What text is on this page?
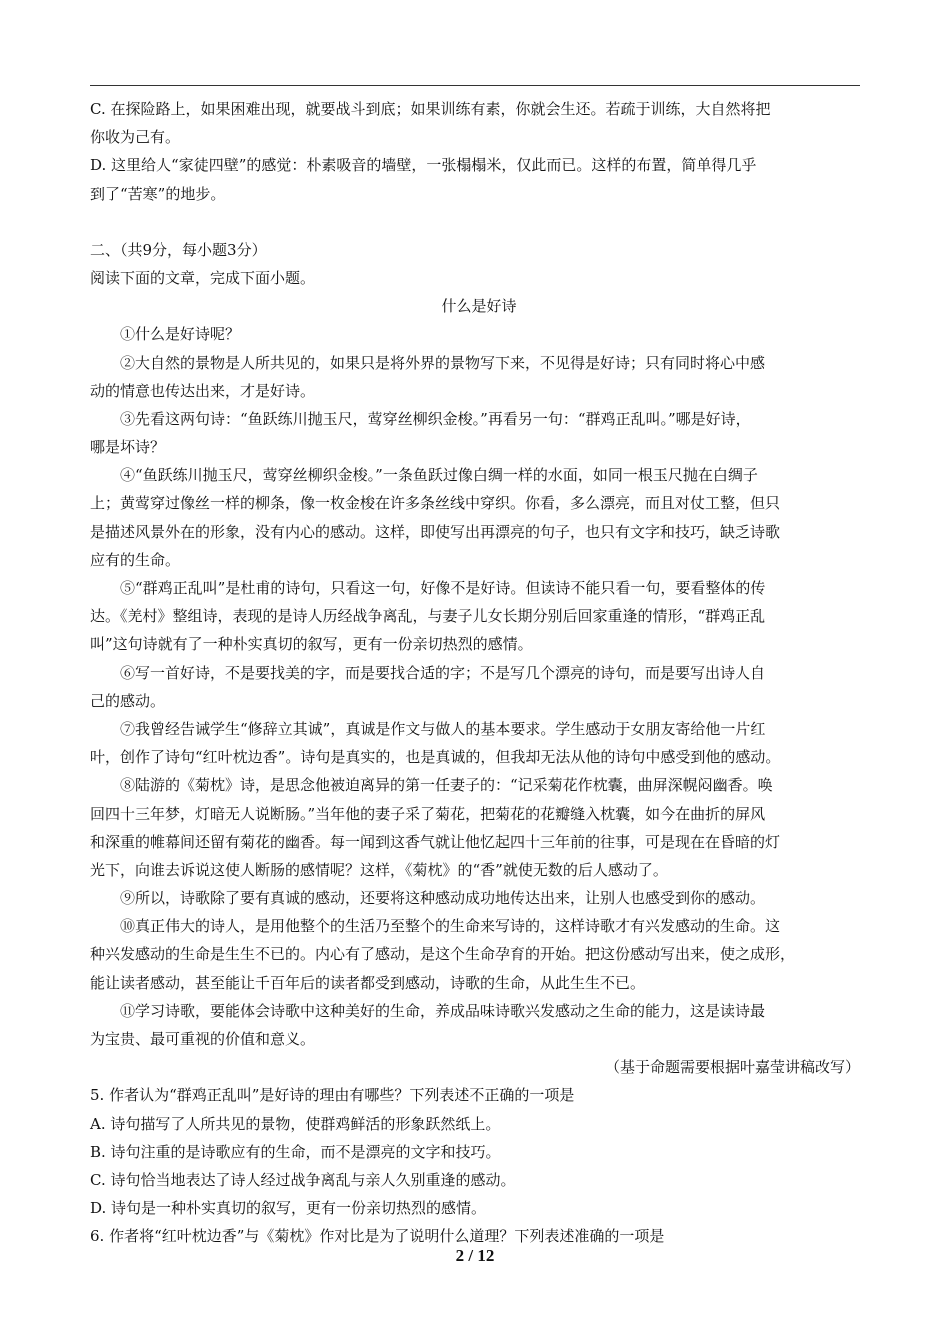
C. 在探险路上，如果困难出现，就要战斗到底；如果训练有素，你就会生还。若疏于训练，大自然将把
你收为己有。
D. 这里给人“家徒四壁”的感觉：朴素吸音的墙壁，一张榻榻米，仅此而已。这样的布置，简单得几乎
到了“苦寒”的地步。
二、（共9分，每小题3分）
阅读下面的文章，完成下面小题。
什么是好诗
①什么是好诗呢？
②大自然的景物是人所共见的，如果只是将外界的景物写下来，不见得是好诗；只有同时将心中感
动的情意也传达出来，才是好诗。
③先看这两句诗：“鱼跃练川抛玉尺，莺穿丝柳织金梭。”再看另一句：“群鸡正乱叫。”哪是好诗，
哪是坏诗？
④“鱼跃练川抛玉尺，莺穿丝柳织金梭。”一条鱼跃过像白绸一样的水面，如同一根玉尺抛在白绸子
上；黄莺穿过像丝一样的柳条，像一枚金梭在许多条丝线中穿织。你看，多么漂亮，而且对仗工整，但只
是描述风景外在的形象，没有内心的感动。这样，即使写出再漂亮的句子，也只有文字和技巧，缺乏诗歌
应有的生命。
⑤“群鸡正乱叫”是杜甫的诗句，只看这一句，好像不是好诗。但读诗不能只看一句，要看整体的传
达。《羌村》整组诗，表现的是诗人历经战争离乱，与妻子儿女长期分别后回家重逢的情形，“群鸡正乱
叫”这句诗就有了一种朴实真切的叙写，更有一份亲切热烈的感情。
⑥写一首好诗，不是要找美的字，而是要找合适的字；不是写几个漂亮的诗句，而是要写出诗人自
己的感动。
⑦我曾经告诫学生“修辞立其诚”，真诚是作文与做人的基本要求。学生感动于女朋友寄给他一片红
叶，创作了诗句“红叶枕边香”。诗句是真实的，也是真诚的，但我却无法从他的诗句中感受到他的感动。
⑧陆游的《菊枕》诗，是思念他被迫离异的第一任妻子的：“记采菊花作枕囊，曲屏深幌闷幽香。唤
回四十三年梦，灯暗无人说断肠。”当年他的妻子采了菊花，把菊花的花瓣缝入枕囊，如今在曲折的屏风
和深重的帷幕间还留有菊花的幽香。每一闻到这香气就让他忆起四十三年前的往事，可是现在在昏暗的灯
光下，向谁去诉说这使人断肠的感情呢？这样，《菊枕》的“香”就使无数的后人感动了。
⑨所以，诗歌除了要有真诚的感动，还要将这种感动成功地传达出来，让别人也感受到你的感动。
⑩真正伟大的诗人，是用他整个的生活乃至整个的生命来写诗的，这样诗歌才有兴发感动的生命。这
种兴发感动的生命是生生不已的。内心有了感动，是这个生命孕育的开始。把这份感动写出来，使之成形，
能让读者感动，甚至能让千百年后的读者都受到感动，诗歌的生命，从此生生不已。
⑪学习诗歌，要能体会诗歌中这种美好的生命，养成品味诗歌兴发感动之生命的能力，这是读诗最
为宝贵、最可重视的价值和意义。
（基于命题需要根据叶嘉莹讲稿改写）
5. 作者认为“群鸡正乱叫”是好诗的理由有哪些？下列表述不正确的一项是
A. 诗句描写了人所共见的景物，使群鸡鲜活的形象跃然纸上。
B. 诗句注重的是诗歌应有的生命，而不是漂亮的文字和技巧。
C. 诗句恰当地表达了诗人经过战争离乱与亲人久别重逢的感动。
D. 诗句是一种朴实真切的叙写，更有一份亲切热烈的感情。
6. 作者将“红叶枕边香”与《菊枕》作对比是为了说明什么道理？下列表述准确的一项是
2 / 12
